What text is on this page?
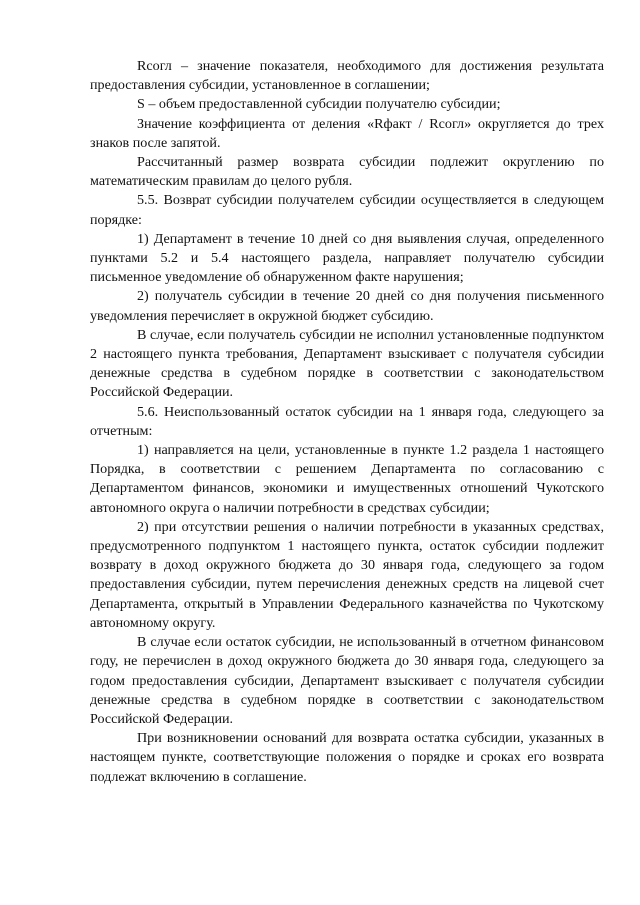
Rсогл – значение показателя, необходимого для достижения результата предоставления субсидии, установленное в соглашении;

S – объем предоставленной субсидии получателю субсидии;

Значение коэффициента от деления «Rфакт / Rсогл» округляется до трех знаков после запятой.

Рассчитанный размер возврата субсидии подлежит округлению по математическим правилам до целого рубля.

5.5. Возврат субсидии получателем субсидии осуществляется в следующем порядке:

1) Департамент в течение 10 дней со дня выявления случая, определенного пунктами 5.2 и 5.4 настоящего раздела, направляет получателю субсидии письменное уведомление об обнаруженном факте нарушения;

2) получатель субсидии в течение 20 дней со дня получения письменного уведомления перечисляет в окружной бюджет субсидию.

В случае, если получатель субсидии не исполнил установленные подпунктом 2 настоящего пункта требования, Департамент взыскивает с получателя субсидии денежные средства в судебном порядке в соответствии с законодательством Российской Федерации.

5.6. Неиспользованный остаток субсидии на 1 января года, следующего за отчетным:

1) направляется на цели, установленные в пункте 1.2 раздела 1 настоящего Порядка, в соответствии с решением Департамента по согласованию с Департаментом финансов, экономики и имущественных отношений Чукотского автономного округа о наличии потребности в средствах субсидии;

2) при отсутствии решения о наличии потребности в указанных средствах, предусмотренного подпунктом 1 настоящего пункта, остаток субсидии подлежит возврату в доход окружного бюджета до 30 января года, следующего за годом предоставления субсидии, путем перечисления денежных средств на лицевой счет Департамента, открытый в Управлении Федерального казначейства по Чукотскому автономному округу.

В случае если остаток субсидии, не использованный в отчетном финансовом году, не перечислен в доход окружного бюджета до 30 января года, следующего за годом предоставления субсидии, Департамент взыскивает с получателя субсидии денежные средства в судебном порядке в соответствии с законодательством Российской Федерации.

При возникновении оснований для возврата остатка субсидии, указанных в настоящем пункте, соответствующие положения о порядке и сроках его возврата подлежат включению в соглашение.
